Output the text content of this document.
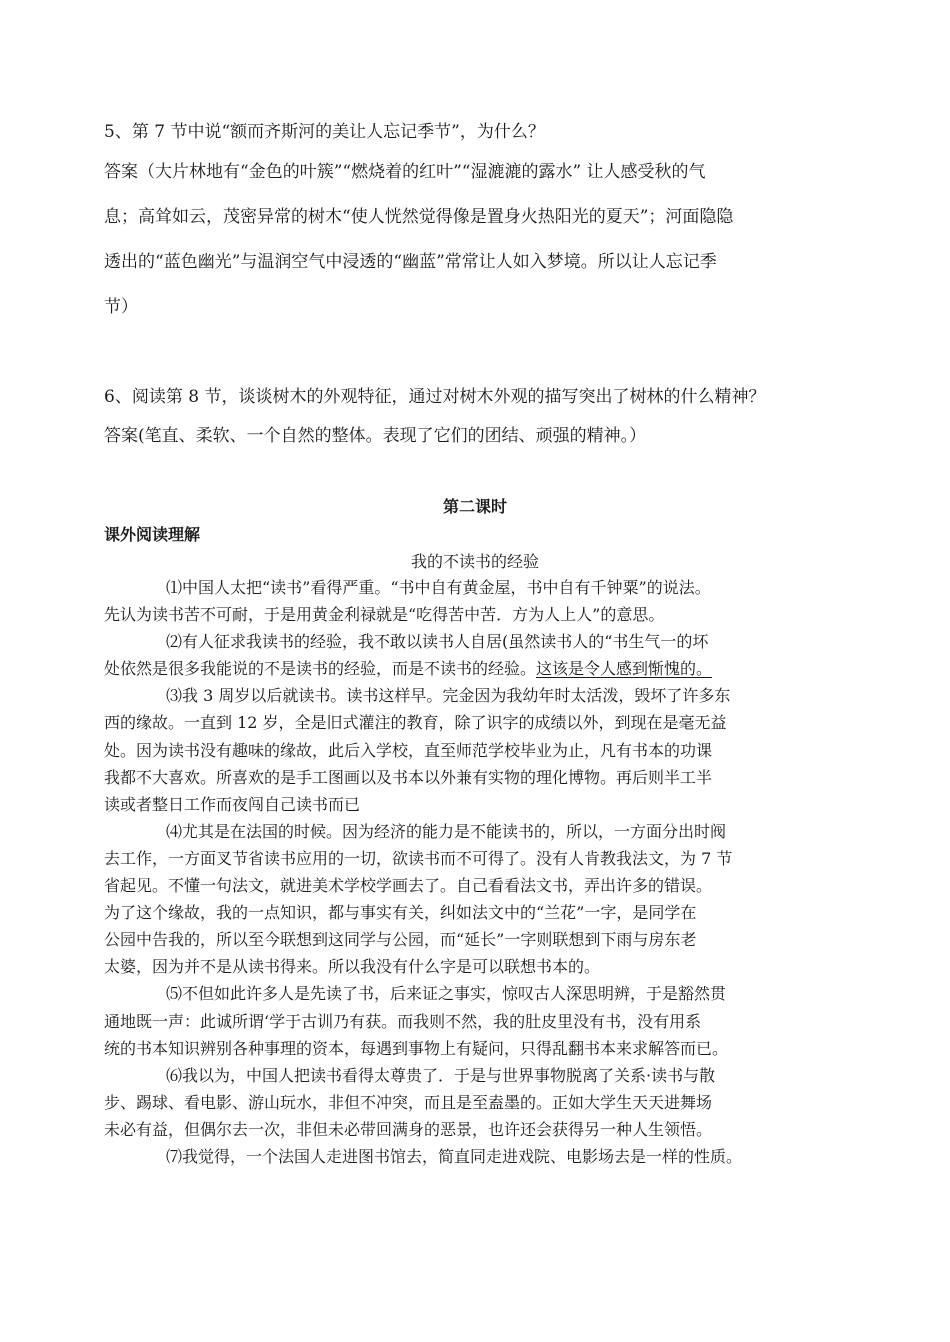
5、第 7 节中说“额而齐斯河的美让人忘记季节”，为什么？
答案（大片林地有“金色的叶簇”“燃烧着的红叶”“湿漉漉的露水” 让人感受秋的气
息；高耸如云，茂密异常的树木“使人恍然觉得像是置身火热阳光的夏天”；河面隐隐
透出的“蓝色幽光”与温润空气中浸透的“幽蓝”常常让人如入梦境。所以让人忘记季
节）
6、阅读第 8 节，谈谈树木的外观特征，通过对树木外观的描写突出了树林的什么精神？
答案(笔直、柔软、一个自然的整体。表现了它们的团结、顽强的精神。）
第二课时
课外阅读理解
我的不读书的经验
⑴中国人太把“读书”看得严重。“书中自有黄金屋，书中自有千钟粟”的说法。
先认为读书苦不可耐，于是用黄金利禄就是“吃得苦中苦．方为人上人”的意思。
⑵有人征求我读书的经验，我不敢以读书人自居(虽然读书人的“书生气一的坏
处依然是很多我能说的不是读书的经验，而是不读书的经验。这该是令人感到惭愧的。
⑶我 3 周岁以后就读书。读书这样早。完金因为我幼年时太活泼，毁坏了许多东
西的缘故。一直到 12 岁，全是旧式灌注的教育，除了识字的成绩以外，到现在是毫无益
处。因为读书没有趣味的缘故，此后入学校，直至师范学校毕业为止，凡有书本的功课
我都不大喜欢。所喜欢的是手工图画以及书本以外兼有实物的理化博物。再后则半工半
读或者整日工作而夜闯自己读书而已
⑷尤其是在法国的时候。因为经济的能力是不能读书的，所以，一方面分出时阀
去工作，一方面叉节省读书应用的一切，欲读书而不可得了。没有人肯教我法文，为 7 节
省起见。不懂一句法文，就进美术学校学画去了。自己看看法文书，弄出许多的错误。
为了这个缘故，我的一点知识，都与事实有关，纠如法文中的“兰花”一字，是同学在
公园中告我的，所以至今联想到这同学与公园，而“延长”一字则联想到下雨与房东老
太婆，因为并不是从读书得来。所以我没有什么字是可以联想书本的。
⑸不但如此许多人是先读了书，后来证之事实，惊叹古人深思明辨，于是豁然贯
通地既一声：此诚所谓‘学于古训乃有获。而我则不然，我的肚皮里没有书，没有用系
统的书本知识辨别各种事理的资本，每遇到事物上有疑问，只得乱翻书本来求解答而已。
⑹我以为，中国人把读书看得太尊贵了．于是与世界事物脱离了关系·读书与散
步、踢球、看电影、游山玩水，非但不冲突，而且是至盍墨的。正如大学生天天进舞场
未必有益，但偶尔去一次，非但未必带回满身的恶景，也许还会获得另一种人生领悟。
⑺我觉得，一个法国人走进图书馆去，简直同走进戏院、电影场去是一样的性质。
